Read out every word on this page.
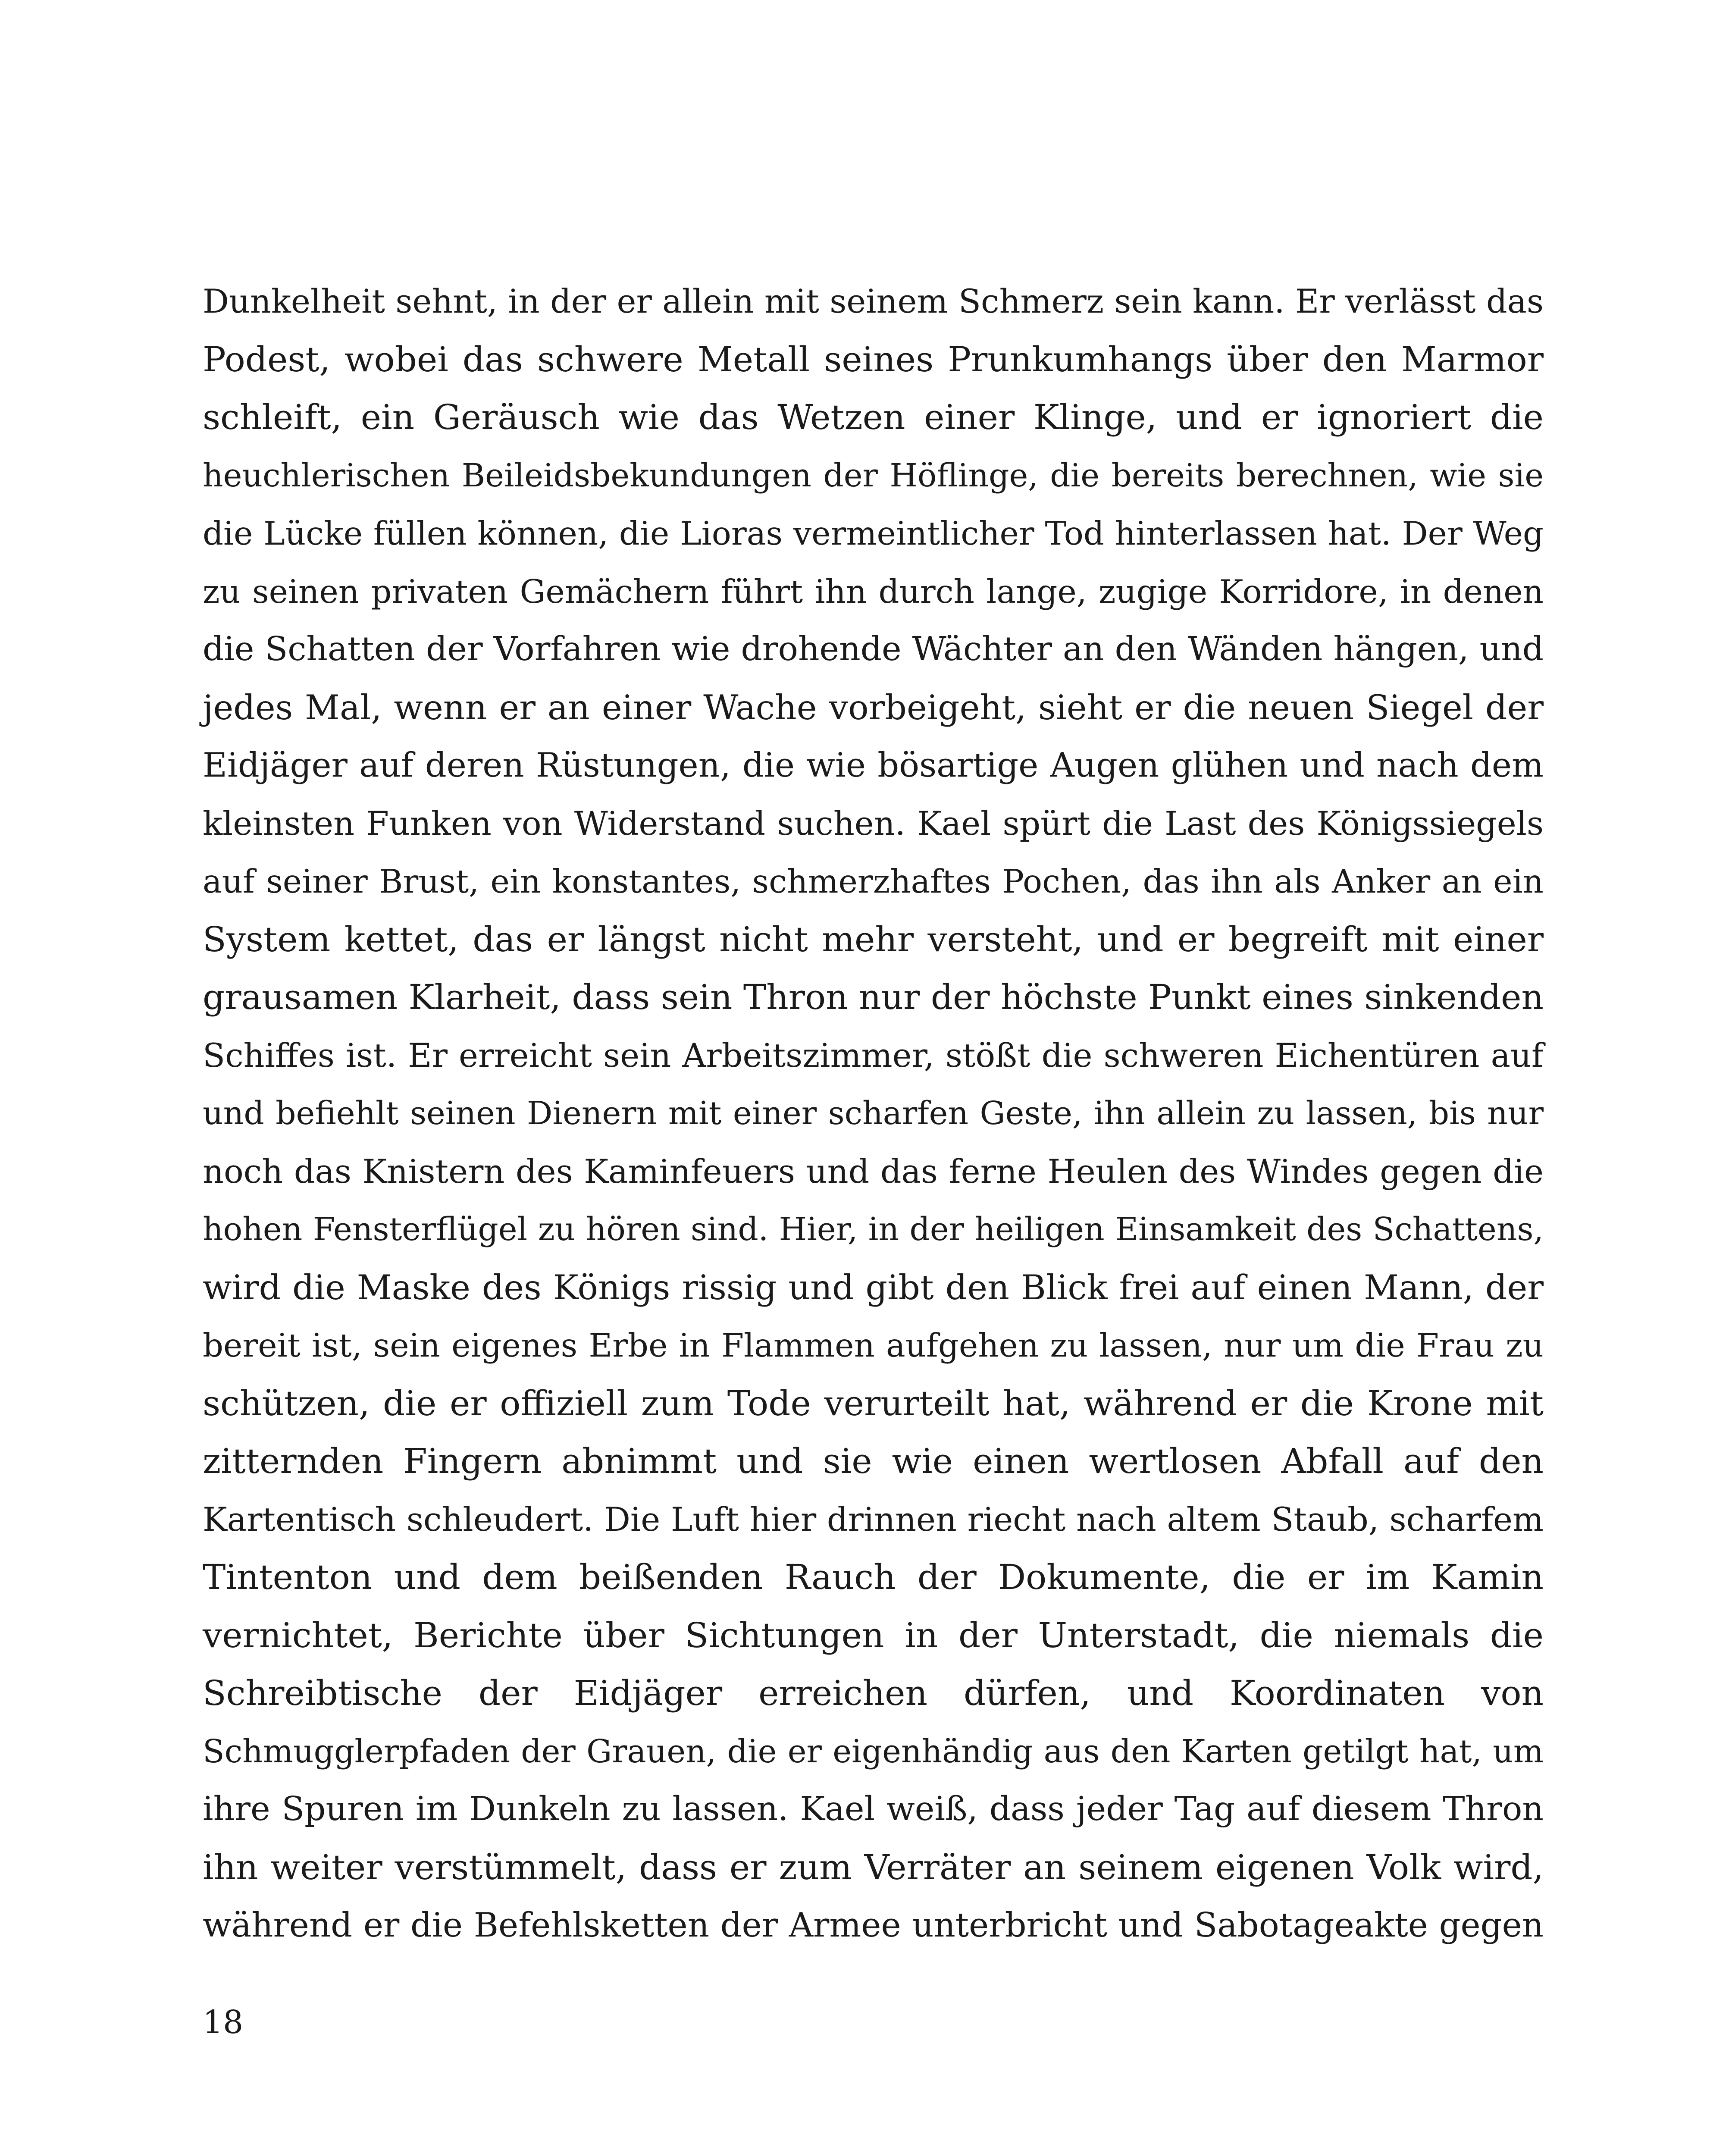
Dunkelheit sehnt, in der er allein mit seinem Schmerz sein kann. Er verlässt das
Podest, wobei das schwere Metall seines Prunkumhangs über den Marmor
schleift, ein Geräusch wie das Wetzen einer Klinge, und er ignoriert die
heuchlerischen Beileidsbekundungen der Höflinge, die bereits berechnen, wie sie
die Lücke füllen können, die Lioras vermeintlicher Tod hinterlassen hat. Der Weg
zu seinen privaten Gemächern führt ihn durch lange, zugige Korridore, in denen
die Schatten der Vorfahren wie drohende Wächter an den Wänden hängen, und
jedes Mal, wenn er an einer Wache vorbeigeht, sieht er die neuen Siegel der
Eidjäger auf deren Rüstungen, die wie bösartige Augen glühen und nach dem
kleinsten Funken von Widerstand suchen. Kael spürt die Last des Königssiegels
auf seiner Brust, ein konstantes, schmerzhaftes Pochen, das ihn als Anker an ein
System kettet, das er längst nicht mehr versteht, und er begreift mit einer
grausamen Klarheit, dass sein Thron nur der höchste Punkt eines sinkenden
Schiffes ist. Er erreicht sein Arbeitszimmer, stößt die schweren Eichentüren auf
und befiehlt seinen Dienern mit einer scharfen Geste, ihn allein zu lassen, bis nur
noch das Knistern des Kaminfeuers und das ferne Heulen des Windes gegen die
hohen Fensterflügel zu hören sind. Hier, in der heiligen Einsamkeit des Schattens,
wird die Maske des Königs rissig und gibt den Blick frei auf einen Mann, der
bereit ist, sein eigenes Erbe in Flammen aufgehen zu lassen, nur um die Frau zu
schützen, die er offiziell zum Tode verurteilt hat, während er die Krone mit
zitternden Fingern abnimmt und sie wie einen wertlosen Abfall auf den
Kartentisch schleudert. Die Luft hier drinnen riecht nach altem Staub, scharfem
Tintenton und dem beißenden Rauch der Dokumente, die er im Kamin
vernichtet, Berichte über Sichtungen in der Unterstadt, die niemals die
Schreibtische der Eidjäger erreichen dürfen, und Koordinaten von
Schmugglerpfaden der Grauen, die er eigenhändig aus den Karten getilgt hat, um
ihre Spuren im Dunkeln zu lassen. Kael weiß, dass jeder Tag auf diesem Thron
ihn weiter verstümmelt, dass er zum Verräter an seinem eigenen Volk wird,
während er die Befehlsketten der Armee unterbricht und Sabotageakte gegen
18
